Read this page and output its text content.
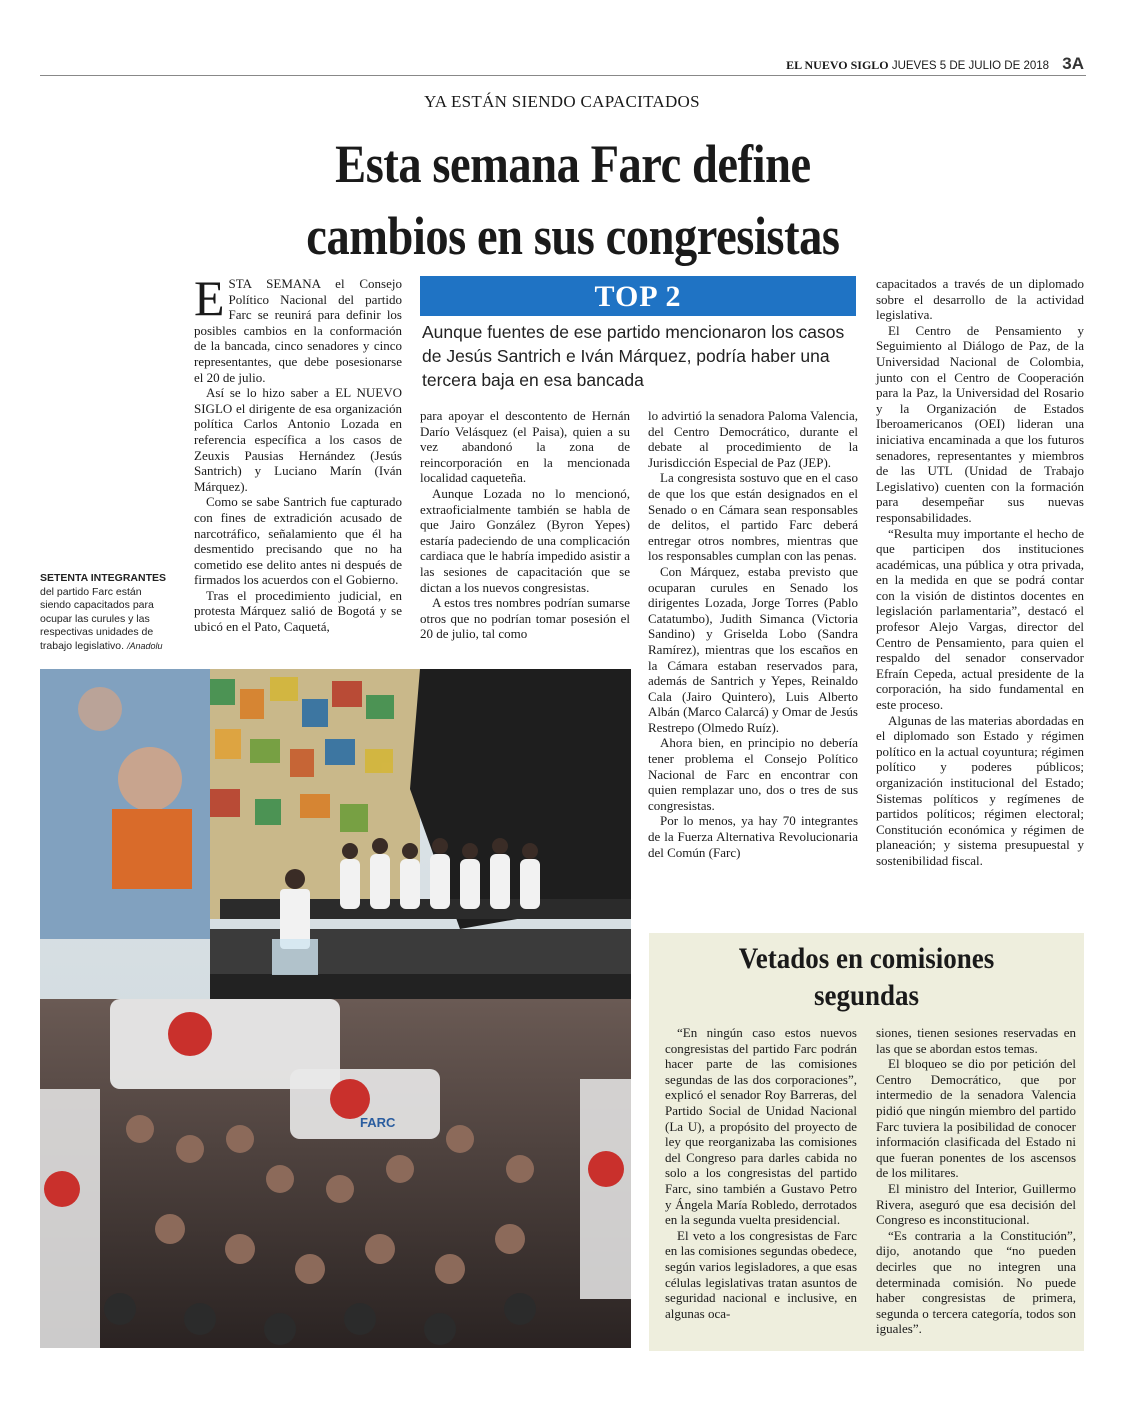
EL NUEVO SIGLO JUEVES 5 DE JULIO DE 2018 3A
YA ESTÁN SIENDO CAPACITADOS
Esta semana Farc define
cambios en sus congresistas

ESTA SEMANA el Consejo Político Nacional del partido Farc se reunirá para definir los posibles cambios en la conformación de la bancada, cinco senadores y cinco representantes, que debe posesionarse el 20 de julio.

Así se lo hizo saber a EL NUEVO SIGLO el dirigente de esa organización política Carlos Antonio Lozada en referencia específica a los casos de Zeuxis Pausias Hernández (Jesús Santrich) y Luciano Marín (Iván Márquez).

Como se sabe Santrich fue capturado con fines de extradición acusado de narcotráfico, señalamiento que él ha desmentido precisando que no ha cometido ese delito antes ni después de firmados los acuerdos con el Gobierno.

Tras el procedimiento judicial, en protesta Márquez salió de Bogotá y se ubicó en el Pato, Caquetá,

TOP 2
Aunque fuentes de ese partido mencionaron los casos de Jesús Santrich e Iván Márquez, podría haber una tercera baja en esa bancada

para apoyar el descontento de Hernán Darío Velásquez (el Paisa), quien a su vez abandonó la zona de reincorporación en la mencionada localidad caqueteña.

Aunque Lozada no lo mencionó, extraoficialmente también se habla de que Jairo González (Byron Yepes) estaría padeciendo de una complicación cardiaca que le habría impedido asistir a las sesiones de capacitación que se dictan a los nuevos congresistas.

A estos tres nombres podrían sumarse otros que no podrían tomar posesión el 20 de julio, tal como

lo advirtió la senadora Paloma Valencia, del Centro Democrático, durante el debate al procedimiento de la Jurisdicción Especial de Paz (JEP).

La congresista sostuvo que en el caso de que los que están designados en el Senado o en Cámara sean responsables de delitos, el partido Farc deberá entregar otros nombres, mientras que los responsables cumplan con las penas.

Con Márquez, estaba previsto que ocuparan curules en Senado los dirigentes Lozada, Jorge Torres (Pablo Catatumbo), Judith Simanca (Victoria Sandino) y Griselda Lobo (Sandra Ramírez), mientras que los escaños en la Cámara estaban reservados para, además de Santrich y Yepes, Reinaldo Cala (Jairo Quintero), Luis Alberto Albán (Marco Calarcá) y Omar de Jesús Restrepo (Olmedo Ruíz).

Ahora bien, en principio no debería tener problema el Consejo Político Nacional de Farc en encontrar con quien remplazar uno, dos o tres de sus congresistas.

Por lo menos, ya hay 70 integrantes de la Fuerza Alternativa Revolucionaria del Común (Farc)

capacitados a través de un diplomado sobre el desarrollo de la actividad legislativa.

El Centro de Pensamiento y Seguimiento al Diálogo de Paz, de la Universidad Nacional de Colombia, junto con el Centro de Cooperación para la Paz, la Universidad del Rosario y la Organización de Estados Iberoamericanos (OEI) lideran una iniciativa encaminada a que los futuros senadores, representantes y miembros de las UTL (Unidad de Trabajo Legislativo) cuenten con la formación para desempeñar sus nuevas responsabilidades.

“Resulta muy importante el hecho de que participen dos instituciones académicas, una pública y otra privada, en la medida en que se podrá contar con la visión de distintos docentes en legislación parlamentaria”, destacó el profesor Alejo Vargas, director del Centro de Pensamiento, para quien el respaldo del senador conservador Efraín Cepeda, actual presidente de la corporación, ha sido fundamental en este proceso.

Algunas de las materias abordadas en el diplomado son Estado y régimen político en la actual coyuntura; régimen político y poderes públicos; organización institucional del Estado; Sistemas políticos y regímenes de partidos políticos; régimen electoral; Constitución económica y régimen de planeación; y sistema presupuestal y sostenibilidad fiscal.

SETENTA INTEGRANTES del partido Farc están siendo capacitados para ocupar las curules y las respectivas unidades de trabajo legislativo. /Anadolu
FARC
Vetados en comisiones
segundas

“En ningún caso estos nuevos congresistas del partido Farc podrán hacer parte de las comisiones segundas de las dos corporaciones”, explicó el senador Roy Barreras, del Partido Social de Unidad Nacional (La U), a propósito del proyecto de ley que reorganizaba las comisiones del Congreso para darles cabida no solo a los congresistas del partido Farc, sino también a Gustavo Petro y Ángela María Robledo, derrotados en la segunda vuelta presidencial.

El veto a los congresistas de Farc en las comisiones segundas obedece, según varios legisladores, a que esas células legislativas tratan asuntos de seguridad nacional e inclusive, en algunas oca-

siones, tienen sesiones reservadas en las que se abordan estos temas.

El bloqueo se dio por petición del Centro Democrático, que por intermedio de la senadora Valencia pidió que ningún miembro del partido Farc tuviera la posibilidad de conocer información clasificada del Estado ni que fueran ponentes de los ascensos de los militares.

El ministro del Interior, Guillermo Rivera, aseguró que esa decisión del Congreso es inconstitucional.

“Es contraria a la Constitución”, dijo, anotando que “no pueden decirles que no integren una determinada comisión. No puede haber congresistas de primera, segunda o tercera categoría, todos son iguales”.
